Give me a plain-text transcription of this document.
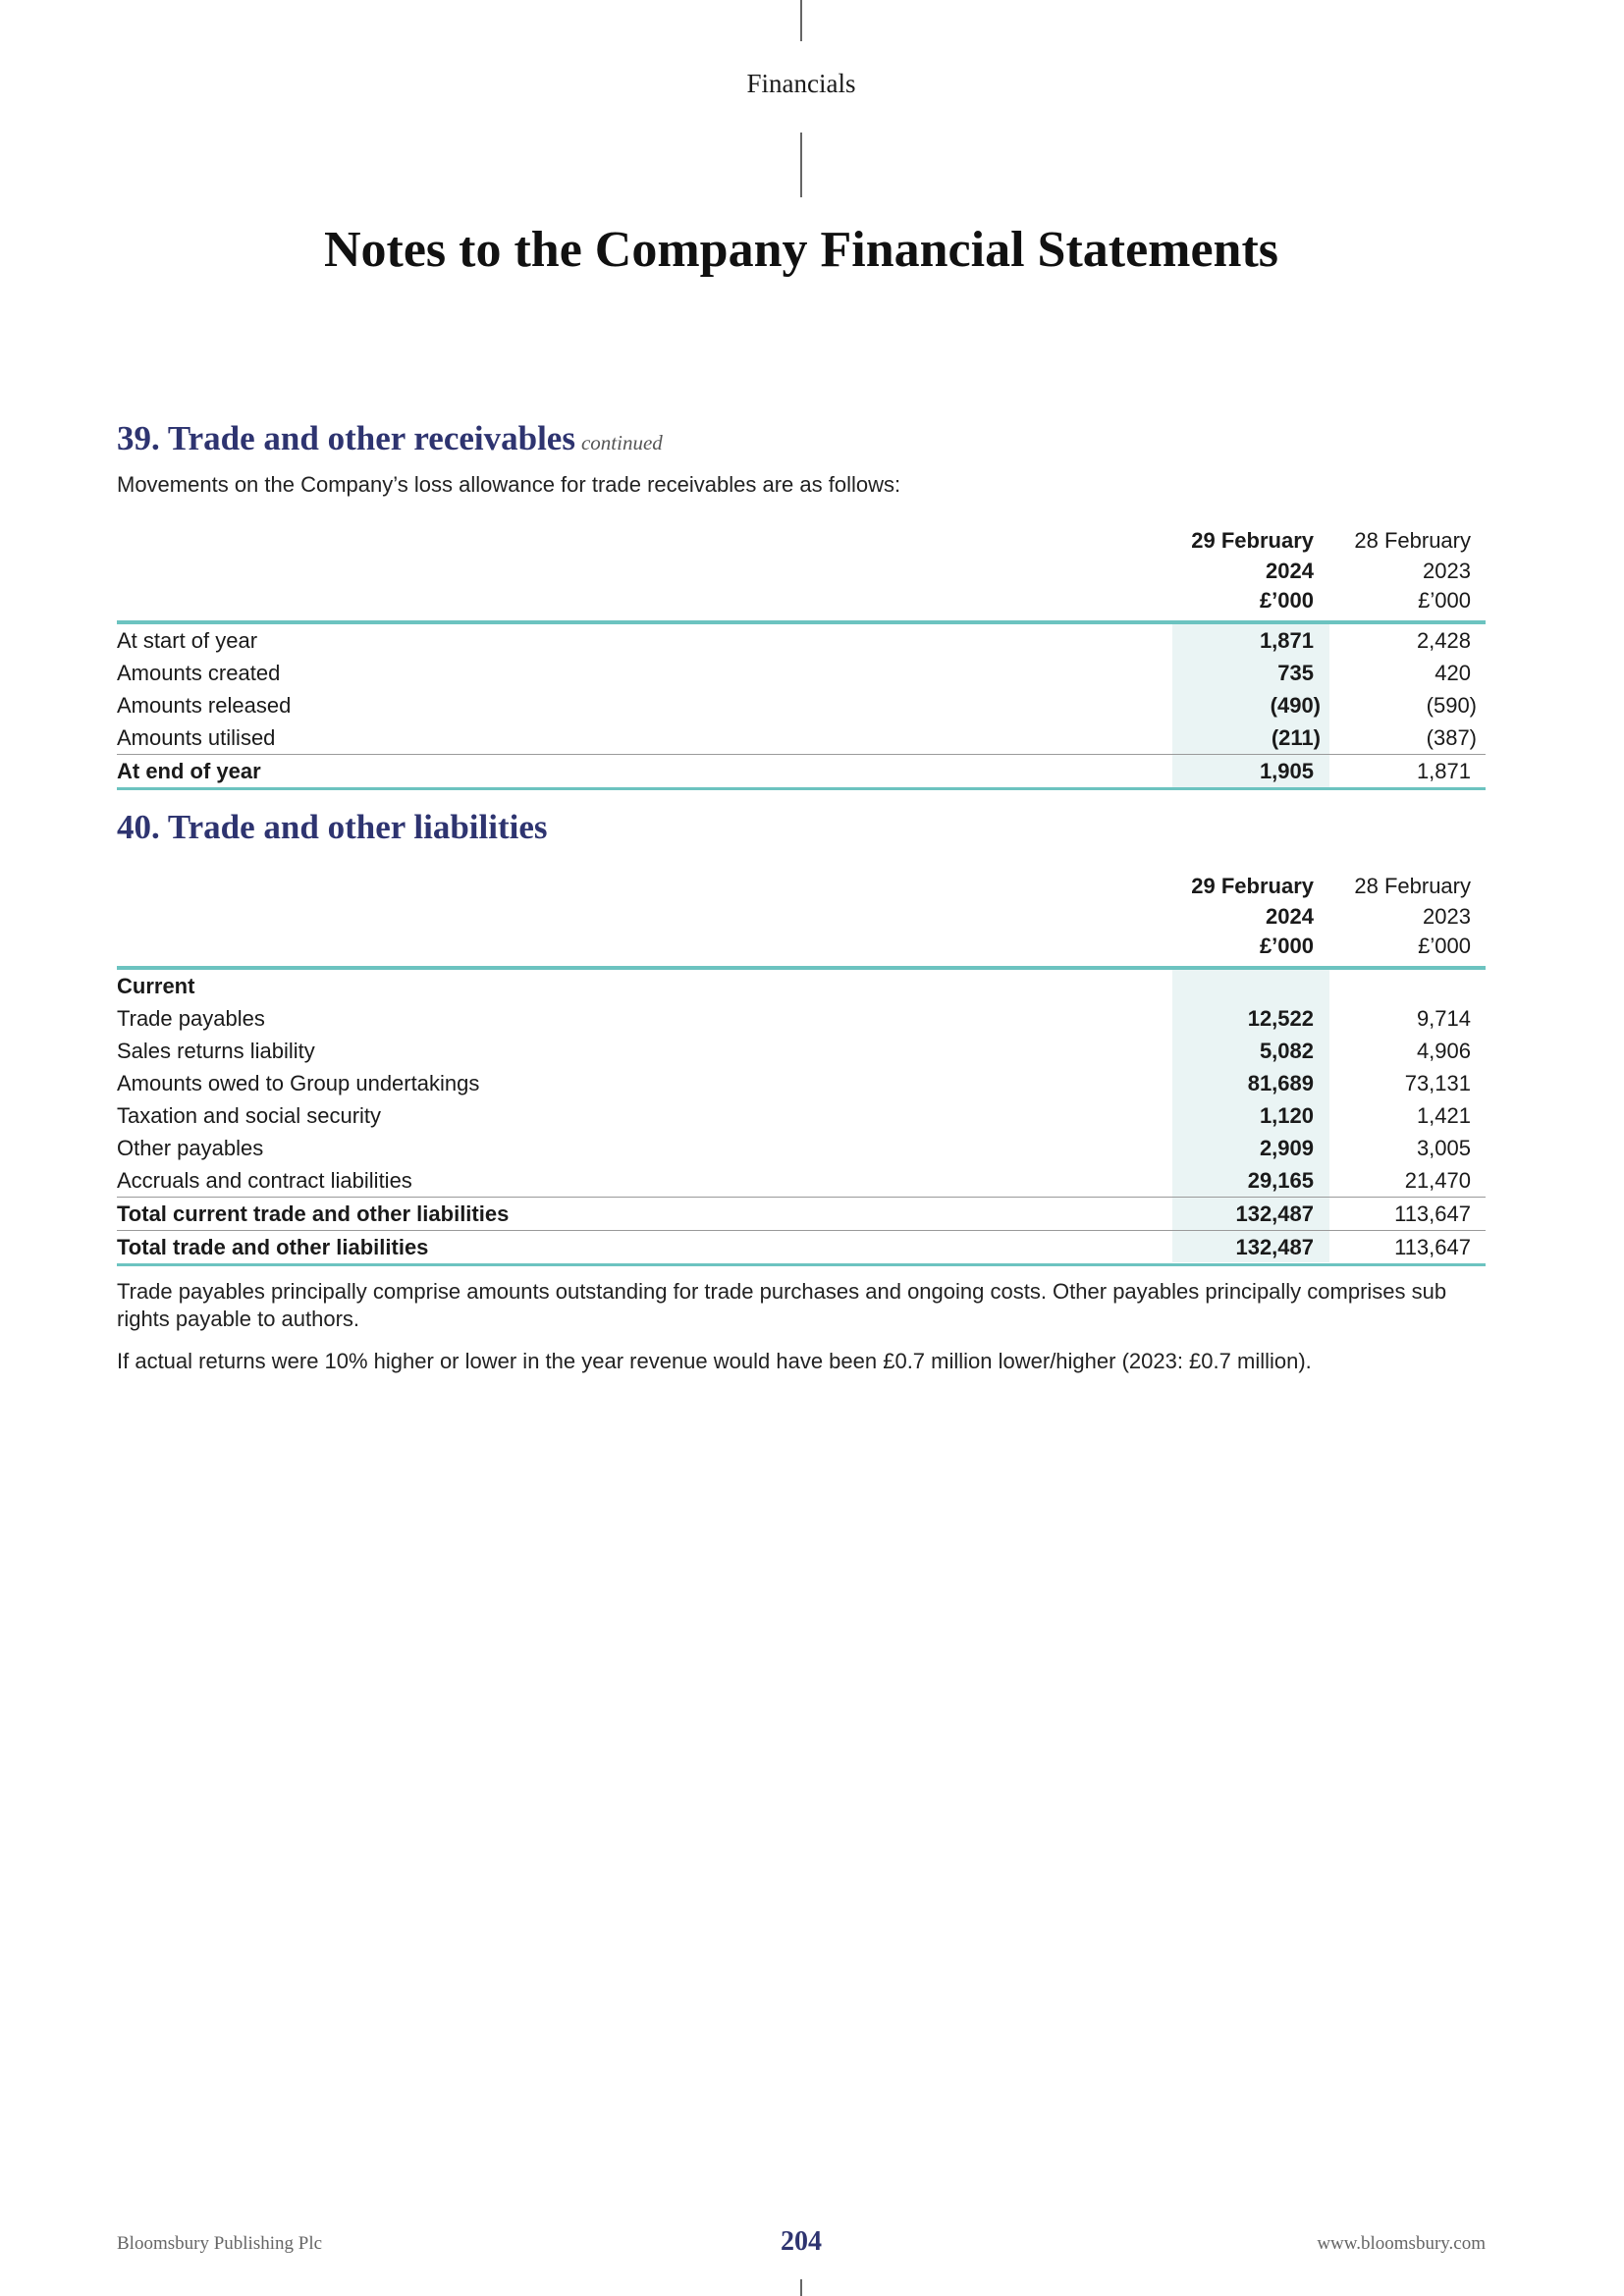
Financials
Notes to the Company Financial Statements
39. Trade and other receivables continued
Movements on the Company’s loss allowance for trade receivables are as follows:
29 February
2024
£’000
28 February
2023
£’000
At start of year	1,871	2,428
Amounts created	735	420
Amounts released	(490)	(590)
Amounts utilised	(211)	(387)
At end of year	1,905	1,871
40. Trade and other liabilities
29 February
2024
£’000
28 February
2023
£’000
Current
Trade payables	12,522	9,714
Sales returns liability	5,082	4,906
Amounts owed to Group undertakings	81,689	73,131
Taxation and social security	1,120	1,421
Other payables	2,909	3,005
Accruals and contract liabilities	29,165	21,470
Total current trade and other liabilities	132,487	113,647
Total trade and other liabilities	132,487	113,647
Trade payables principally comprise amounts outstanding for trade purchases and ongoing costs. Other payables principally comprises sub rights payable to authors.
If actual returns were 10% higher or lower in the year revenue would have been £0.7 million lower/higher (2023: £0.7 million).
Bloomsbury Publishing Plc	204	www.bloomsbury.com
